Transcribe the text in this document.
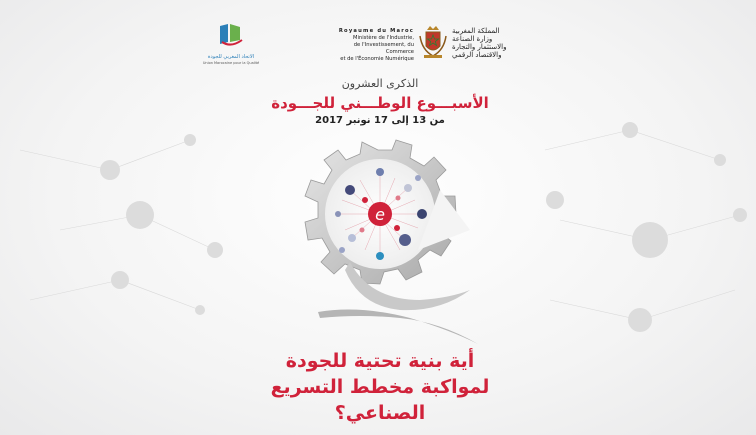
الاتحاد المغربي للجودة
Union Marocaine pour la Qualité
Royaume du Maroc
Ministère de l'Industrie,
de l'Investissement, du Commerce
et de l'Économie Numérique
المملكة المغربية
وزارة الصناعة
والاستثمار والتجارة
والاقتصاد الرقمي
الذكرى العشرون
الأسبـــوع الوطـــني للجـــودة
من 13 إلى 17 نونبر 2017
e
أية بنية تحتية للجودة
لمواكبة مخطط التسريع الصناعي؟
